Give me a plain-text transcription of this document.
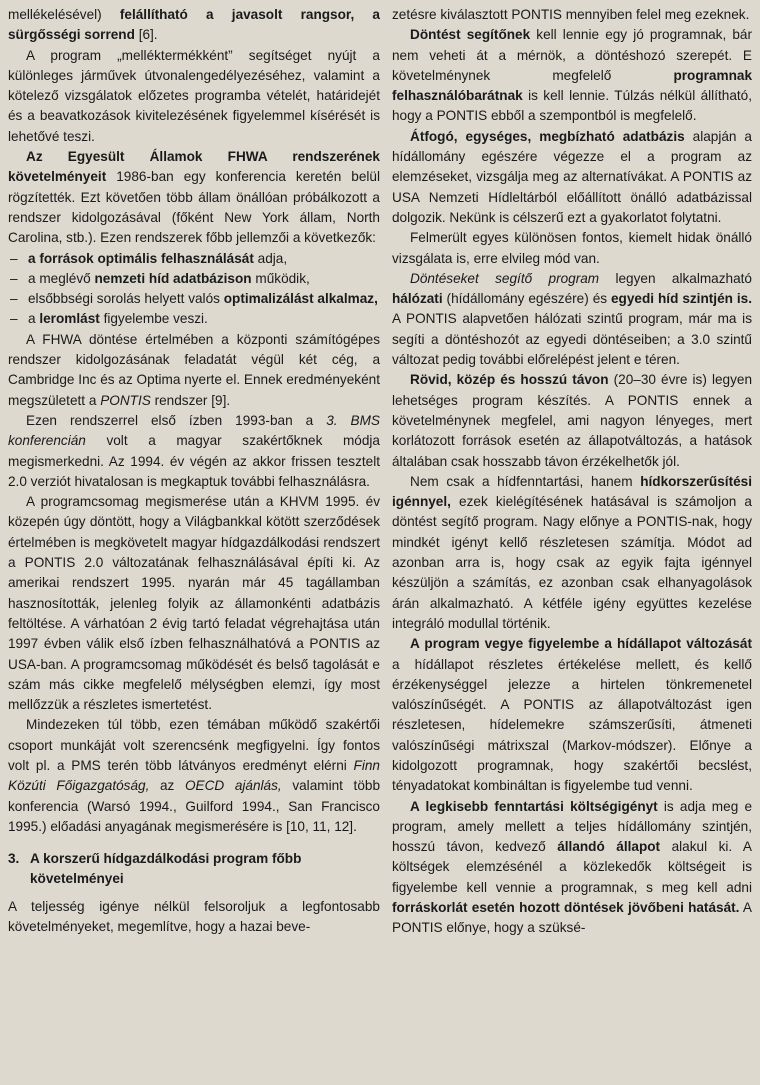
mellékelésével) felállítható a javasolt rangsor, a sürgősségi sorrend [6].

A program „melléktermékként” segítséget nyújt a különleges járművek útvonalengedélyezéséhez, valamint a kötelező vizsgálatok előzetes programba vételét, határidejét és a beavatkozások kivitelezésének figyelemmel kísérését is lehetővé teszi.

Az Egyesült Államok FHWA rendszerének követelményeit 1986-ban egy konferencia keretén belül rögzítették. Ezt követően több állam önállóan próbálkozott a rendszer kidolgozásával (főként New York állam, North Carolina, stb.). Ezen rendszerek főbb jellemzői a következők:

– a források optimális felhasználását adja,
– a meglévő nemzeti híd adatbázison működik,
– elsőbbségi sorolás helyett valós optimalizálást alkalmaz,
– a leromlást figyelembe veszi.

A FHWA döntése értelmében a központi számítógépes rendszer kidolgozásának feladatát végül két cég, a Cambridge Inc és az Optima nyerte el. Ennek eredményeként megszületett a PONTIS rendszer [9].

Ezen rendszerrel első ízben 1993-ban a 3. BMS konferencián volt a magyar szakértőknek módja megismerkedni. Az 1994. év végén az akkor frissen tesztelt 2.0 verziót hivatalosan is megkaptuk további felhasználásra.

A programcsomag megismerése után a KHVM 1995. év közepén úgy döntött, hogy a Világbankkal kötött szerződések értelmében is megkövetelt magyar hídgazdálkodási rendszert a PONTIS 2.0 változatának felhasználásával építi ki. Az amerikai rendszert 1995. nyarán már 45 tagállamban hasznosították, jelenleg folyik az államonkénti adatbázis feltöltése. A várhatóan 2 évig tartó feladat végrehajtása után 1997 évben válik első ízben felhasználhatóvá a PONTIS az USA-ban. A programcsomag működését és belső tagolását e szám más cikke megfelelő mélységben elemzi, így most mellőzzük a részletes ismertetést.

Mindezeken túl több, ezen témában működő szakértői csoport munkáját volt szerencsénk megfigyelni. Így fontos volt pl. a PMS terén több látványos eredményt elérni Finn Közúti Főigazgatóság, az OECD ajánlás, valamint több konferencia (Warsó 1994., Guilford 1994., San Francisco 1995.) előadási anyagának megismerésére is [10, 11, 12].

3. A korszerű hídgazdálkodási program főbb követelményei

A teljesség igénye nélkül felsoroljuk a legfontosabb követelményeket, megemlítve, hogy a hazai beve-

zetésre kiválasztott PONTIS mennyiben felel meg ezeknek.

Döntést segítőnek kell lennie egy jó programnak, bár nem veheti át a mérnök, a döntéshozó szerepét. E követelménynek megfelelő programnak felhasználóbarátnak is kell lennie. Túlzás nélkül állítható, hogy a PONTIS ebből a szempontból is megfelelő.

Átfogó, egységes, megbízható adatbázis alapján a hídállomány egészére végezze el a program az elemzéseket, vizsgálja meg az alternatívákat. A PONTIS az USA Nemzeti Hídleltárból előállított önálló adatbázissal dolgozik. Nekünk is célszerű ezt a gyakorlatot folytatni.

Felmerült egyes különösen fontos, kiemelt hidak önálló vizsgálata is, erre elvileg mód van.

Döntéseket segítő program legyen alkalmazható hálózati (hídállomány egészére) és egyedi híd szintjén is. A PONTIS alapvetően hálózati szintű program, már ma is segíti a döntéshozót az egyedi döntéseiben; a 3.0 szintű változat pedig további előrelépést jelent e téren.

Rövid, közép és hosszú távon (20–30 évre is) legyen lehetséges program készítés. A PONTIS ennek a követelménynek megfelel, ami nagyon lényeges, mert korlátozott források esetén az állapotváltozás, a hatások általában csak hosszabb távon érzékelhetők jól.

Nem csak a hídfenntartási, hanem hídkorszerűsítési igénnyel, ezek kielégítésének hatásával is számoljon a döntést segítő program. Nagy előnye a PONTIS-nak, hogy mindkét igényt kellő részletesen számítja. Módot ad azonban arra is, hogy csak az egyik fajta igénnyel készüljön a számítás, ez azonban csak elhanyagolások árán alkalmazható. A kétféle igény együttes kezelése integráló modullal történik.

A program vegye figyelembe a hídállapot változását a hídállapot részletes értékelése mellett, és kellő érzékenységgel jelezze a hirtelen tönkremenetel valószínűségét. A PONTIS az állapotváltozást igen részletesen, hídelemekre számszerűsíti, átmeneti valószínűségi mátrixszal (Markov-módszer). Előnye a kidolgozott programnak, hogy szakértői becslést, tényadatokat kombináltan is figyelembe tud venni.

A legkisebb fenntartási költségigényt is adja meg e program, amely mellett a teljes hídállomány szintjén, hosszú távon, kedvező állandó állapot alakul ki. A költségek elemzésénél a közlekedők költségeit is figyelembe kell vennie a programnak, s meg kell adni forráskorlát esetén hozott döntések jövőbeni hatását. A PONTIS előnye, hogy a szüksé-
